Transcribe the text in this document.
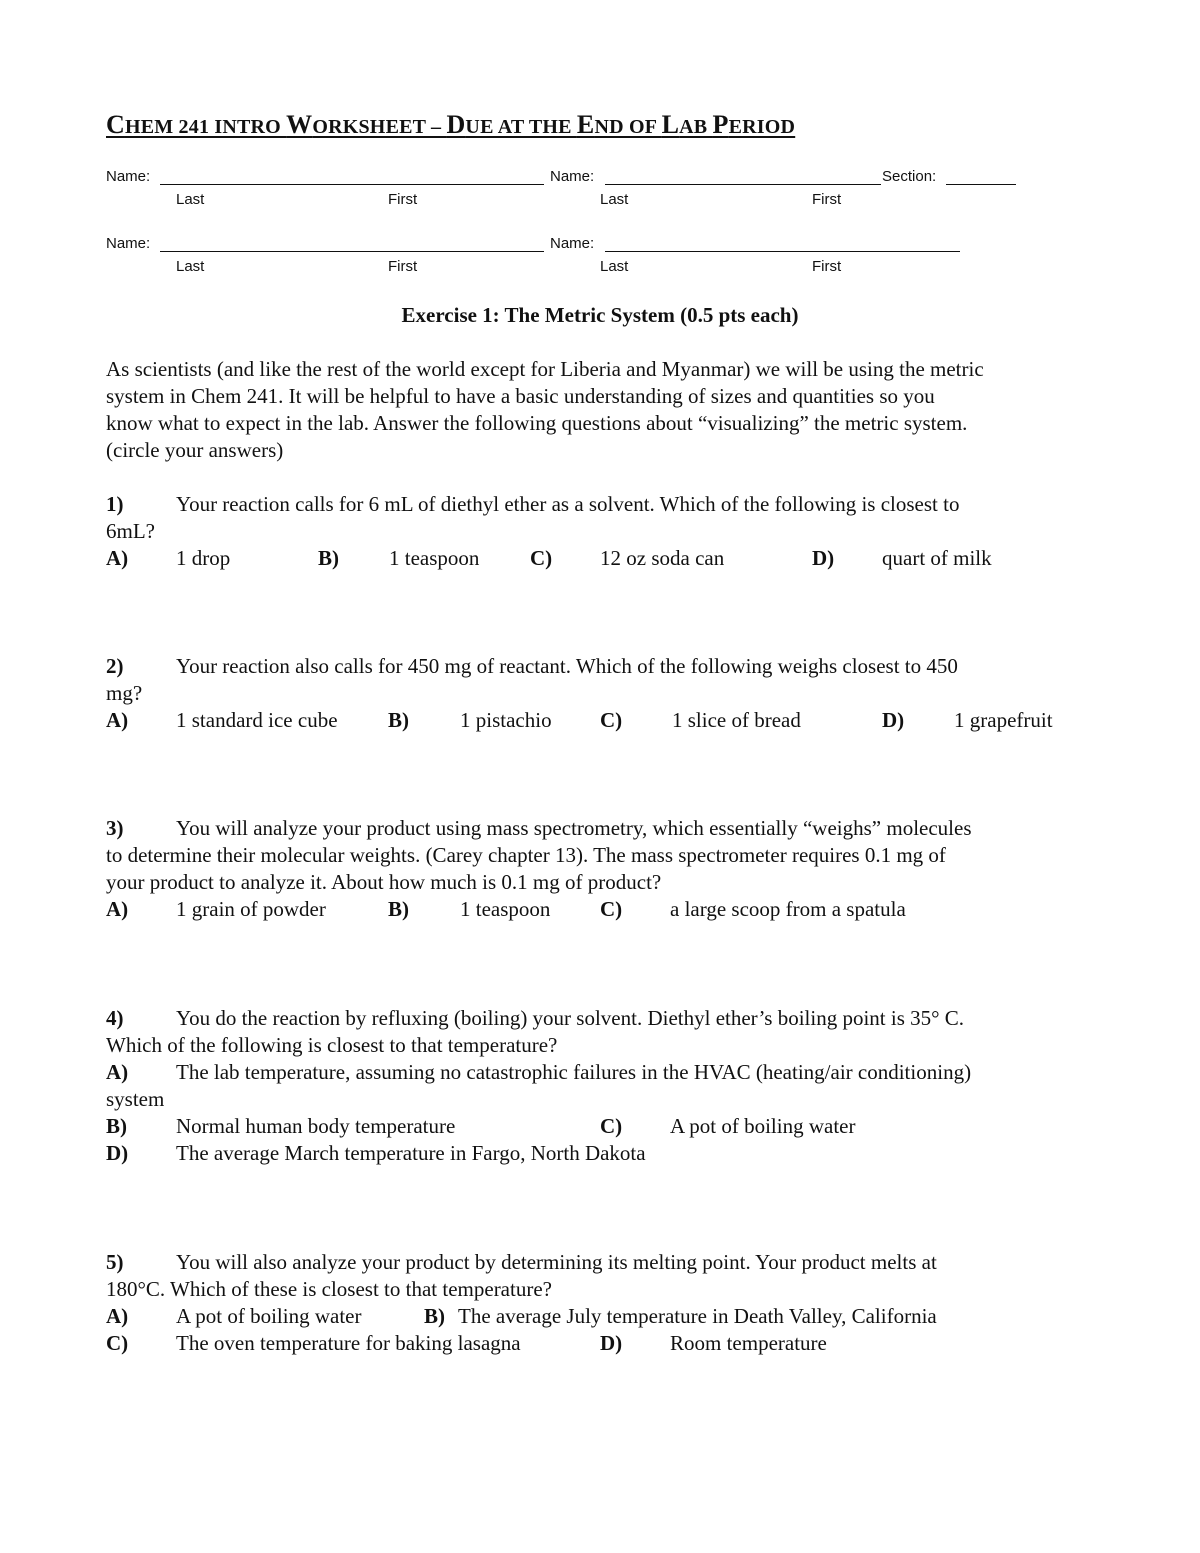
CHEM 241 INTRO WORKSHEET – DUE AT THE END OF LAB PERIOD
Name:	Name:	Section:
Last	First	Last	First
Name:	Name:
Last	First	Last	First
Exercise 1: The Metric System (0.5 pts each)
As scientists (and like the rest of the world except for Liberia and Myanmar) we will be using the metric
system in Chem 241. It will be helpful to have a basic understanding of sizes and quantities so you
know what to expect in the lab. Answer the following questions about “visualizing” the metric system.
(circle your answers)
1)	Your reaction calls for 6 mL of diethyl ether as a solvent. Which of the following is closest to
6mL?
A) 1 drop	B) 1 teaspoon C) 12 oz soda can	D) quart of milk
2)	Your reaction also calls for 450 mg of reactant. Which of the following weighs closest to 450
mg?
A) 1 standard ice cube B) 1 pistachio C) 1 slice of bread	D) 1 grapefruit
3)	You will analyze your product using mass spectrometry, which essentially “weighs” molecules
to determine their molecular weights. (Carey chapter 13). The mass spectrometer requires 0.1 mg of
your product to analyze it. About how much is 0.1 mg of product?
A) 1 grain of powder	B) 1 teaspoon C) a large scoop from a spatula
4)	You do the reaction by refluxing (boiling) your solvent. Diethyl ether’s boiling point is 35° C.
Which of the following is closest to that temperature?
A) The lab temperature, assuming no catastrophic failures in the HVAC (heating/air conditioning)
system
B) Normal human body temperature	C) A pot of boiling water
D) The average March temperature in Fargo, North Dakota
5)	You will also analyze your product by determining its melting point. Your product melts at
180°C. Which of these is closest to that temperature?
A) A pot of boiling water	B) The average July temperature in Death Valley, California
C) The oven temperature for baking lasagna	D) Room temperature
